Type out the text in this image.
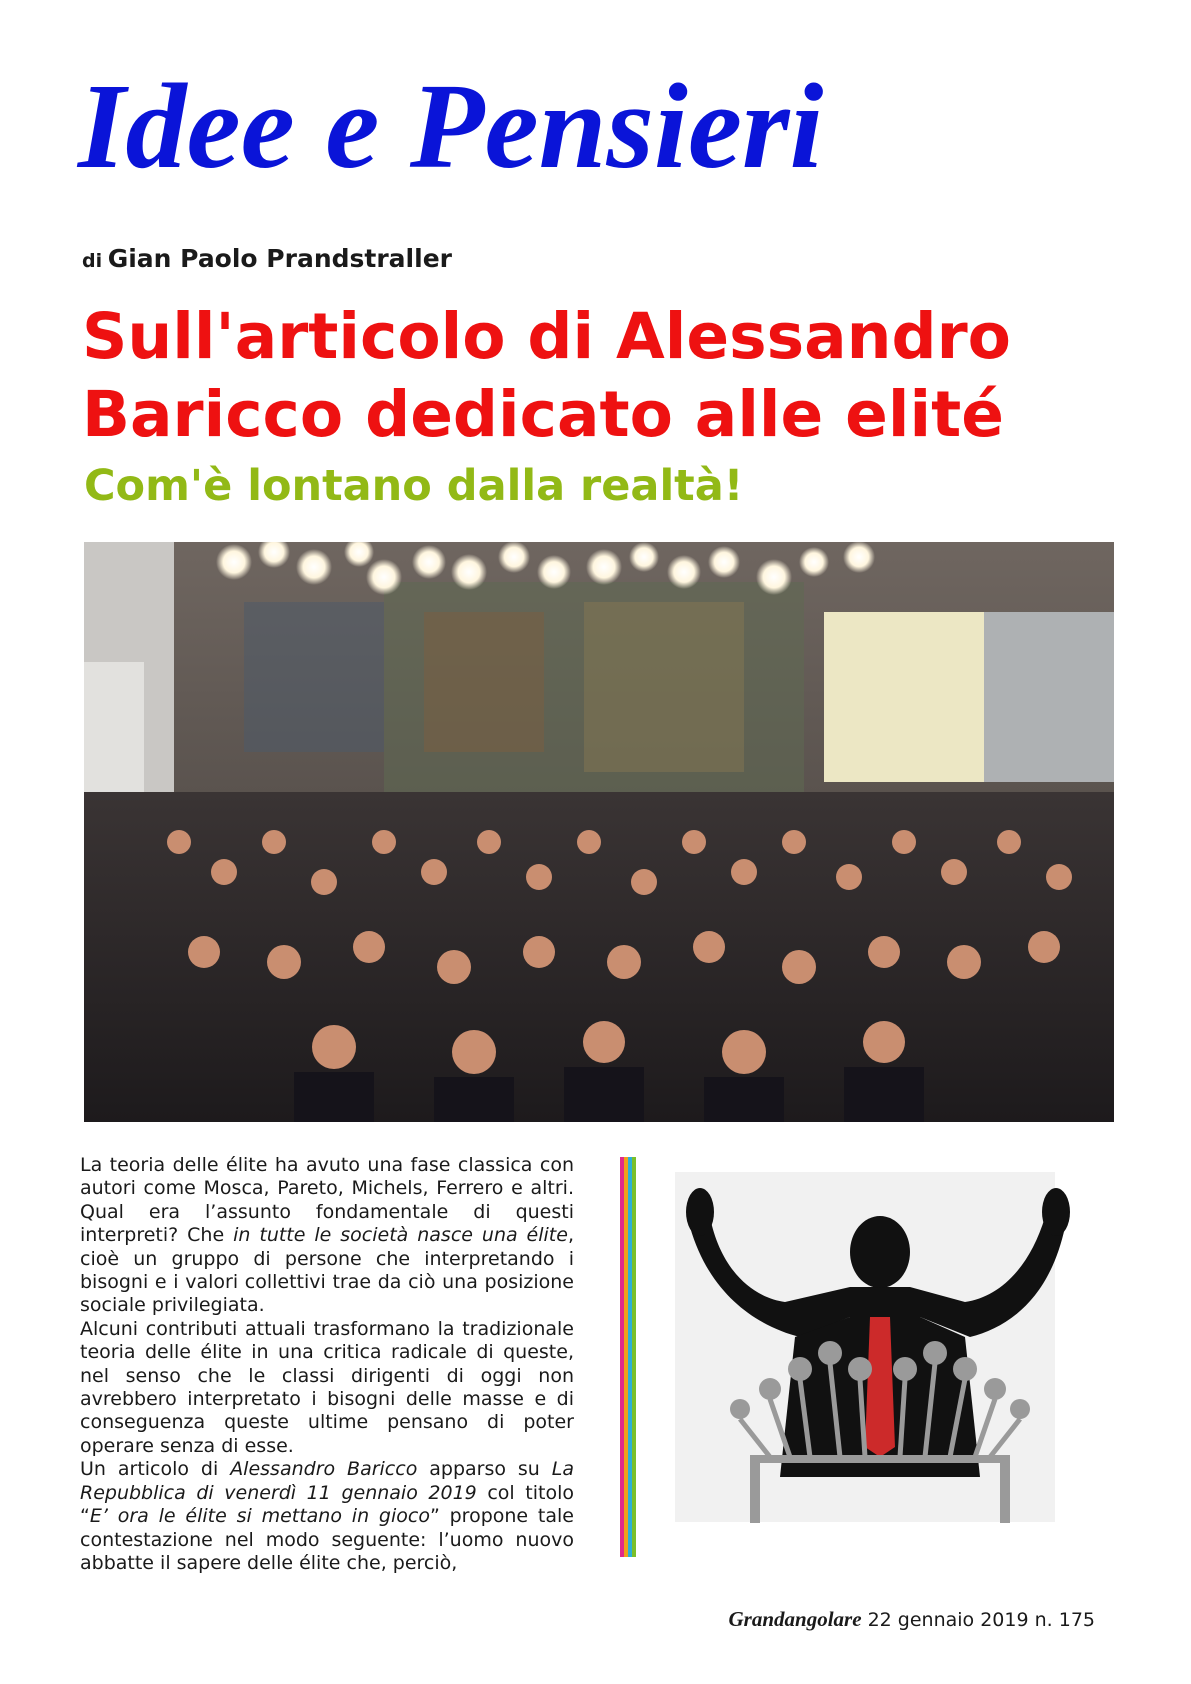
Idee e Pensieri
di Gian Paolo Prandstraller
Sull'articolo di Alessandro
Baricco dedicato alle elité
Com'è lontano dalla realtà!

La teoria delle élite ha avuto una fase classica con autori come Mosca, Pareto, Michels, Ferrero e altri. Qual era l’assunto fondamentale di questi interpreti? Che in tutte le società nasce una élite, cioè un gruppo di persone che interpretando i bisogni e i valori collettivi trae da ciò una posizione sociale privilegiata.

Alcuni contributi attuali trasformano la tradizionale teoria delle élite in una critica radicale di queste, nel senso che le classi dirigenti di oggi non avrebbero interpretato i bisogni delle masse e di conseguenza queste ultime pensano di poter operare senza di esse.

Un articolo di Alessandro Baricco apparso su La Repubblica di venerdì 11 gennaio 2019 col titolo “E’ ora le élite si mettano in gioco” propone tale contestazione nel modo seguente: l’uomo nuovo abbatte il sapere delle élite che, perciò,

Grandangolare 22 gennaio 2019 n. 175
